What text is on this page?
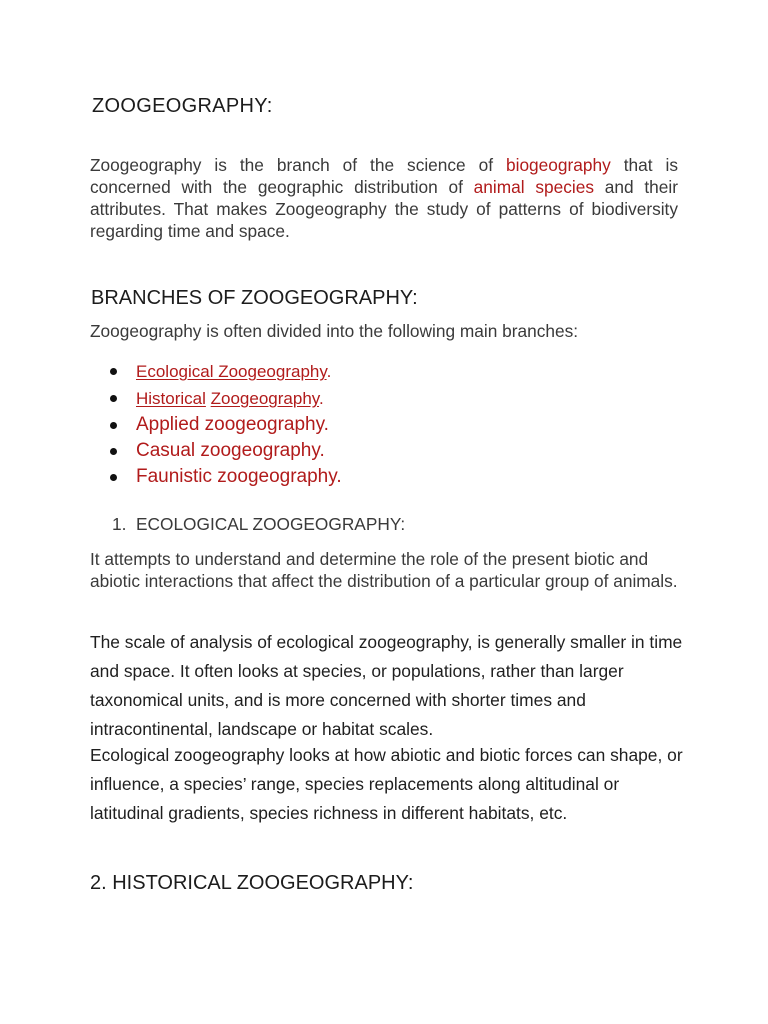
ZOOGEOGRAPHY:

Zoogeography is the branch of the science of biogeography that is concerned with the geographic distribution of animal species and their attributes. That makes Zoogeography the study of patterns of biodiversity regarding time and space.

BRANCHES OF ZOOGEOGRAPHY:
Zoogeography is often divided into the following main branches:
Ecological Zoogeography.
Historical Zoogeography.
Applied zoogeography.
Casual zoogeography.
Faunistic zoogeography.
1. ECOLOGICAL ZOOGEOGRAPHY:

It attempts to understand and determine the role of the present biotic and abiotic interactions that affect the distribution of a particular group of animals.

The scale of analysis of ecological zoogeography, is generally smaller in time and space. It often looks at species, or populations, rather than larger taxonomical units, and is more concerned with shorter times and intracontinental, landscape or habitat scales.

Ecological zoogeography looks at how abiotic and biotic forces can shape, or influence, a species’ range, species replacements along altitudinal or latitudinal gradients, species richness in different habitats, etc.

2. HISTORICAL ZOOGEOGRAPHY:
